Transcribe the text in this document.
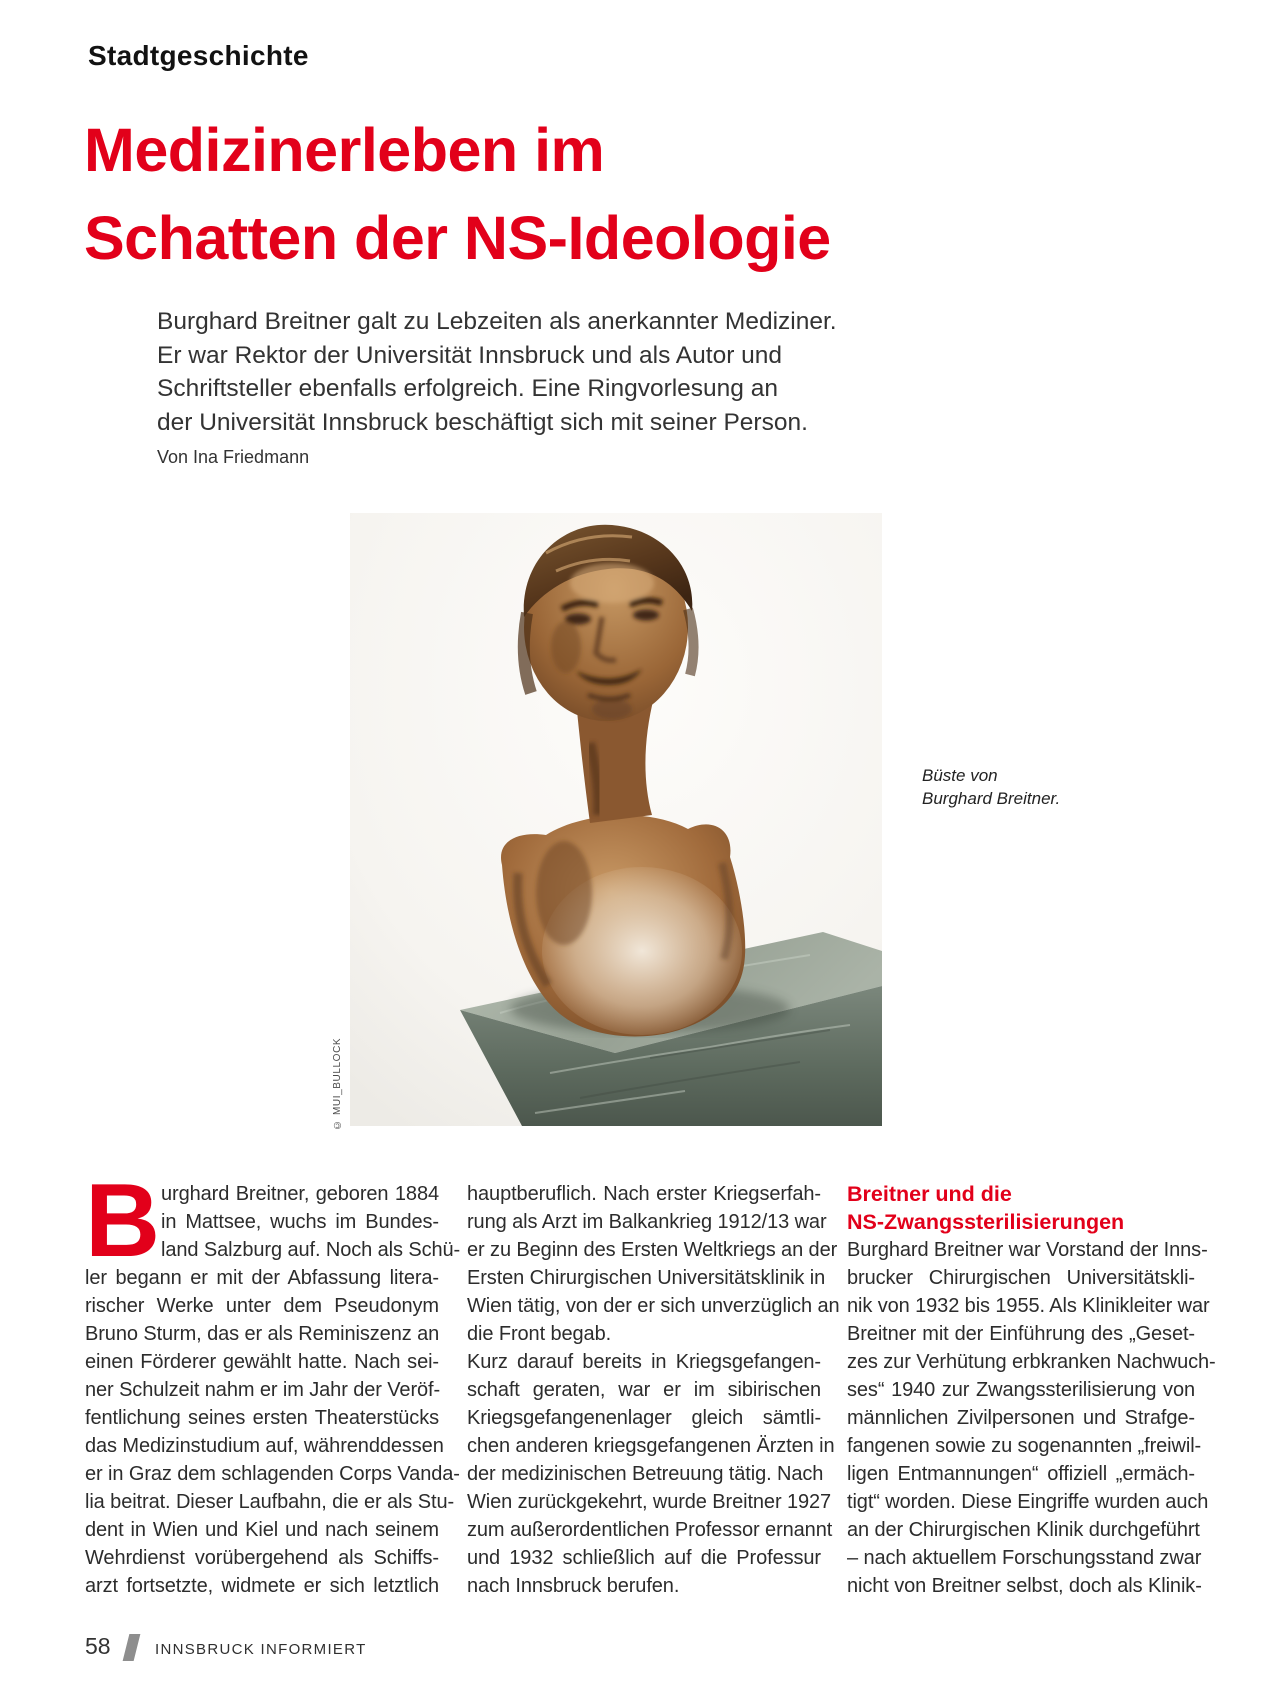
Stadtgeschichte
Medizinerleben im
Schatten der NS-Ideologie
Burghard Breitner galt zu Lebzeiten als anerkannter Mediziner.
Er war Rektor der Universität Innsbruck und als Autor und
Schriftsteller ebenfalls erfolgreich. Eine Ringvorlesung an
der Universität Innsbruck beschäftigt sich mit seiner Person.
Von Ina Friedmann
Büste von
Burghard Breitner.
© MUI_BULLOCK
B urghard Breitner, geboren 1884
in Mattsee, wuchs im Bundes-
land Salzburg auf. Noch als Schü-
ler begann er mit der Abfassung litera-
rischer Werke unter dem Pseudonym
Bruno Sturm, das er als Reminiszenz an
einen Förderer gewählt hatte. Nach sei-
ner Schulzeit nahm er im Jahr der Veröf-
fentlichung seines ersten Theaterstücks
das Medizinstudium auf, währenddessen
er in Graz dem schlagenden Corps Vanda-
lia beitrat. Dieser Laufbahn, die er als Stu-
dent in Wien und Kiel und nach seinem
Wehrdienst vorübergehend als Schiffs-
arzt fortsetzte, widmete er sich letztlich
hauptberuflich. Nach erster Kriegserfah-
rung als Arzt im Balkankrieg 1912/13 war
er zu Beginn des Ersten Weltkriegs an der
Ersten Chirurgischen Universitätsklinik in
Wien tätig, von der er sich unverzüglich an
die Front begab.
Kurz darauf bereits in Kriegsgefangen-
schaft geraten, war er im sibirischen
Kriegsgefangenenlager gleich sämtli-
chen anderen kriegsgefangenen Ärzten in
der medizinischen Betreuung tätig. Nach
Wien zurückgekehrt, wurde Breitner 1927
zum außerordentlichen Professor ernannt
und 1932 schließlich auf die Professur
nach Innsbruck berufen.
Breitner und die
NS-Zwangssterilisierungen
Burghard Breitner war Vorstand der Inns-
brucker Chirurgischen Universitätskli-
nik von 1932 bis 1955. Als Klinikleiter war
Breitner mit der Einführung des „Geset-
zes zur Verhütung erbkranken Nachwuch-
ses“ 1940 zur Zwangssterilisierung von
männlichen Zivilpersonen und Strafge-
fangenen sowie zu sogenannten „freiwil-
ligen Entmannungen“ offiziell „ermäch-
tigt“ worden. Diese Eingriffe wurden auch
an der Chirurgischen Klinik durchgeführt
– nach aktuellem Forschungsstand zwar
nicht von Breitner selbst, doch als Klinik-
58	INNSBRUCK INFORMIERT
